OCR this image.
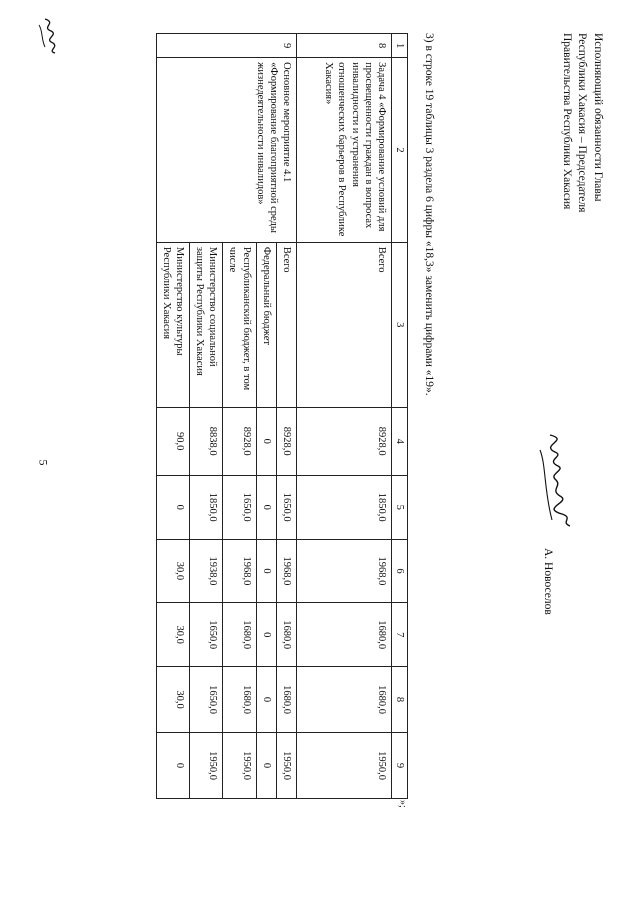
5
1	2	3	4	5	6	7	8	9
8	Задача 4 «Формирование условий для просвещенности граждан в вопросах инвалидности и устранения отношенческих барьеров в Республике Хакасия»	Всего	8928,0	1850,0	1968,0	1680,0	1680,0	1950,0
9	Основное мероприятие 4.1 «Формирование благоприятной среды жизнедеятельности инвалидов»	Всего	8928,0	1650,0	1968,0	1680,0	1680,0	1950,0
		Федеральный бюджет	0	0	0	0	0	0
		Республиканский бюджет, в том числе	8928,0	1650,0	1968,0	1680,0	1680,0	1950,0
		Министерство социальной защиты Республики Хакасия	8838,0	1850,0	1938,0	1650,0	1650,0	1950,0
		Министерство культуры Республики Хакасия	90,0	0	30,0	30,0	30,0	0
»;
3) в строке 19 таблицы 3 раздела 6 цифры «18,3» заменить цифрами «19».	Исполняющий обязанности Главы
Республики Хакасия – Председателя
Правительства Республики Хакасия
А. Новоселов
